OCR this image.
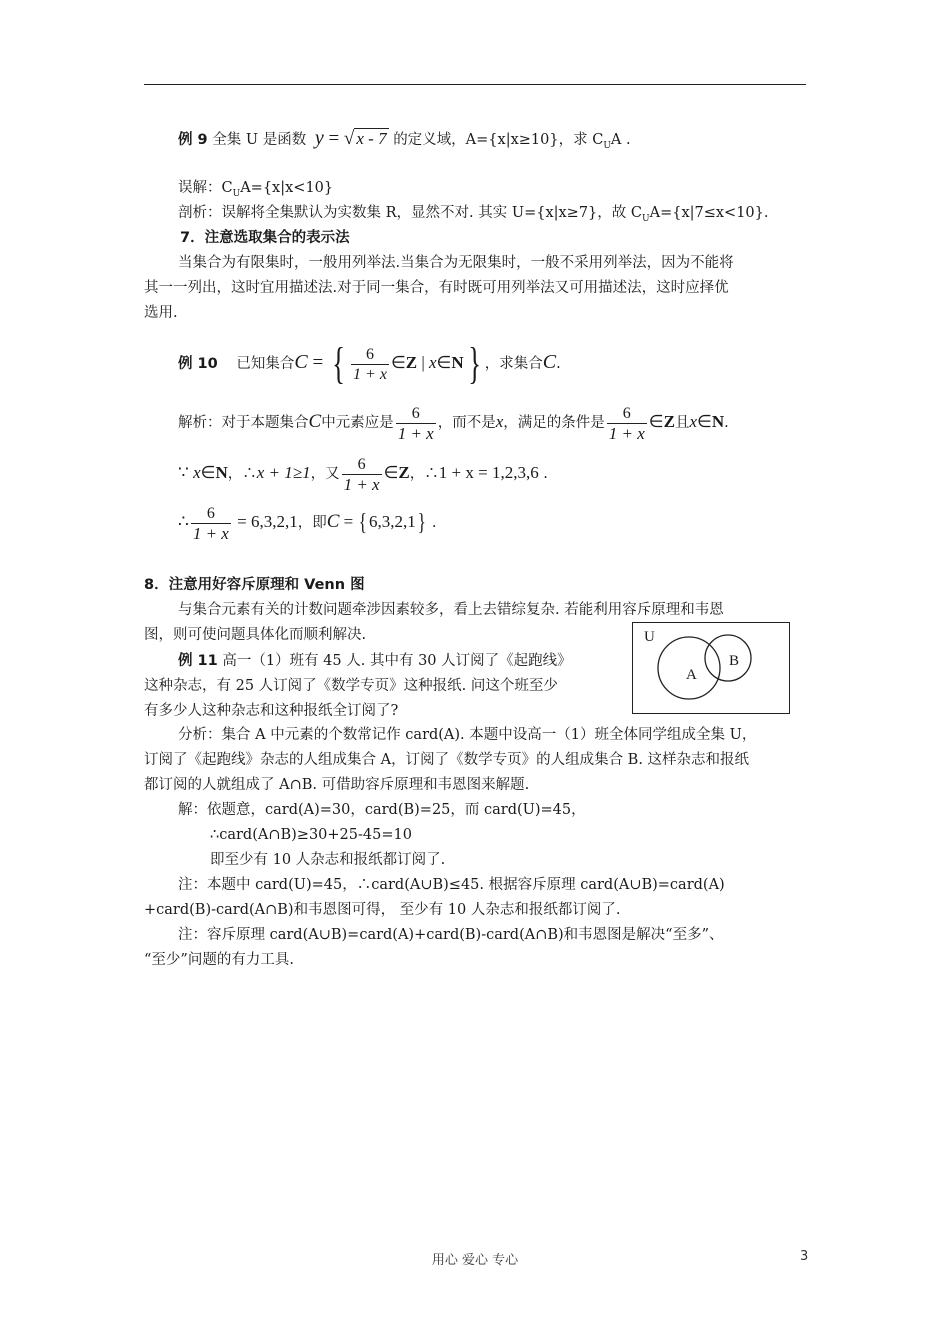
例 9 全集 U 是函数 y = √ x - 7 的定义域，A={x|x≥10}，求 $C_UA$ .
误解：$C_UA=\{x|x<10\}$
剖析：误解将全集默认为实数集 R，显然不对. 其实 U={x|x≥7}，故 $C_UA=\{x|7\le x<10\}$.
7．注意选取集合的表示法
当集合为有限集时，一般用列举法.当集合为无限集时，一般不采用列举法，因为不能将
其一一列出，这时宜用描述法.对于同一集合，有时既可用列举法又可用描述法，这时应择优
选用.
例 10 已知集合C = { $\frac{6}{1 + x}$ ∈Z | x∈N} ，求集合C.
解析：对于本题集合C中元素应是 $\frac{6}{1 + x}$ ，而不是x，满足的条件是 $\frac{6}{1 + x}$ ∈Z且x∈N.
∵ x∈N，∴x + 1≥1，又 $\frac{6}{1 + x}$ ∈Z，∴1 + x = 1,2,3,6 .
∴ $\frac{6}{1 + x} = 6,3,2,1$，即C = { 6,3,2,1} .
8．注意用好容斥原理和 Venn 图
与集合元素有关的计数问题牵涉因素较多，看上去错综复杂. 若能利用容斥原理和韦恩
图，则可使问题具体化而顺利解决.
例 11 高一（1）班有 45 人. 其中有 30 人订阅了《起跑线》
这种杂志，有 25 人订阅了《数学专页》这种报纸. 问这个班至少
有多少人这种杂志和这种报纸全订阅了?
U
A
B
分析：集合 A 中元素的个数常记作 card(A). 本题中设高一（1）班全体同学组成全集 U，
订阅了《起跑线》杂志的人组成集合 A，订阅了《数学专页》的人组成集合 B. 这样杂志和报纸
都订阅的人就组成了 A∩B. 可借助容斥原理和韦恩图来解题.
解：依题意，card(A)=30，card(B)=25，而 card(U)=45，
∴card(A∩B)≥30+25-45=10
即至少有 10 人杂志和报纸都订阅了.
注：本题中 card(U)=45，∴card(A∪B)≤45. 根据容斥原理 card(A∪B)=card(A)
+card(B)-card(A∩B)和韦恩图可得， 至少有 10 人杂志和报纸都订阅了.
注：容斥原理 card(A∪B)=card(A)+card(B)-card(A∩B)和韦恩图是解决“至多”、
“至少”问题的有力工具.
用心 爱心 专心	3
